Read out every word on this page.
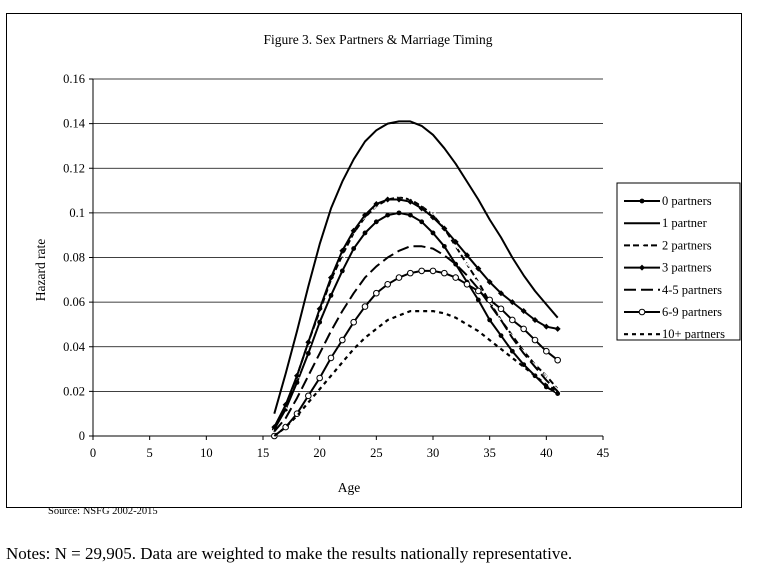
Figure 3. Sex Partners & Marriage Timing
0
0.02
0.04
0.06
0.08
0.1
0.12
0.14
0.16
0	5	10	15	20	25	30	35	40	45
Age
Hazard rate
0 partners
1 partner
2 partners
3 partners
4-5 partners
6-9 partners
10+ partners
Source: NSFG 2002-2015
Notes: N = 29,905. Data are weighted to make the results nationally representative.
